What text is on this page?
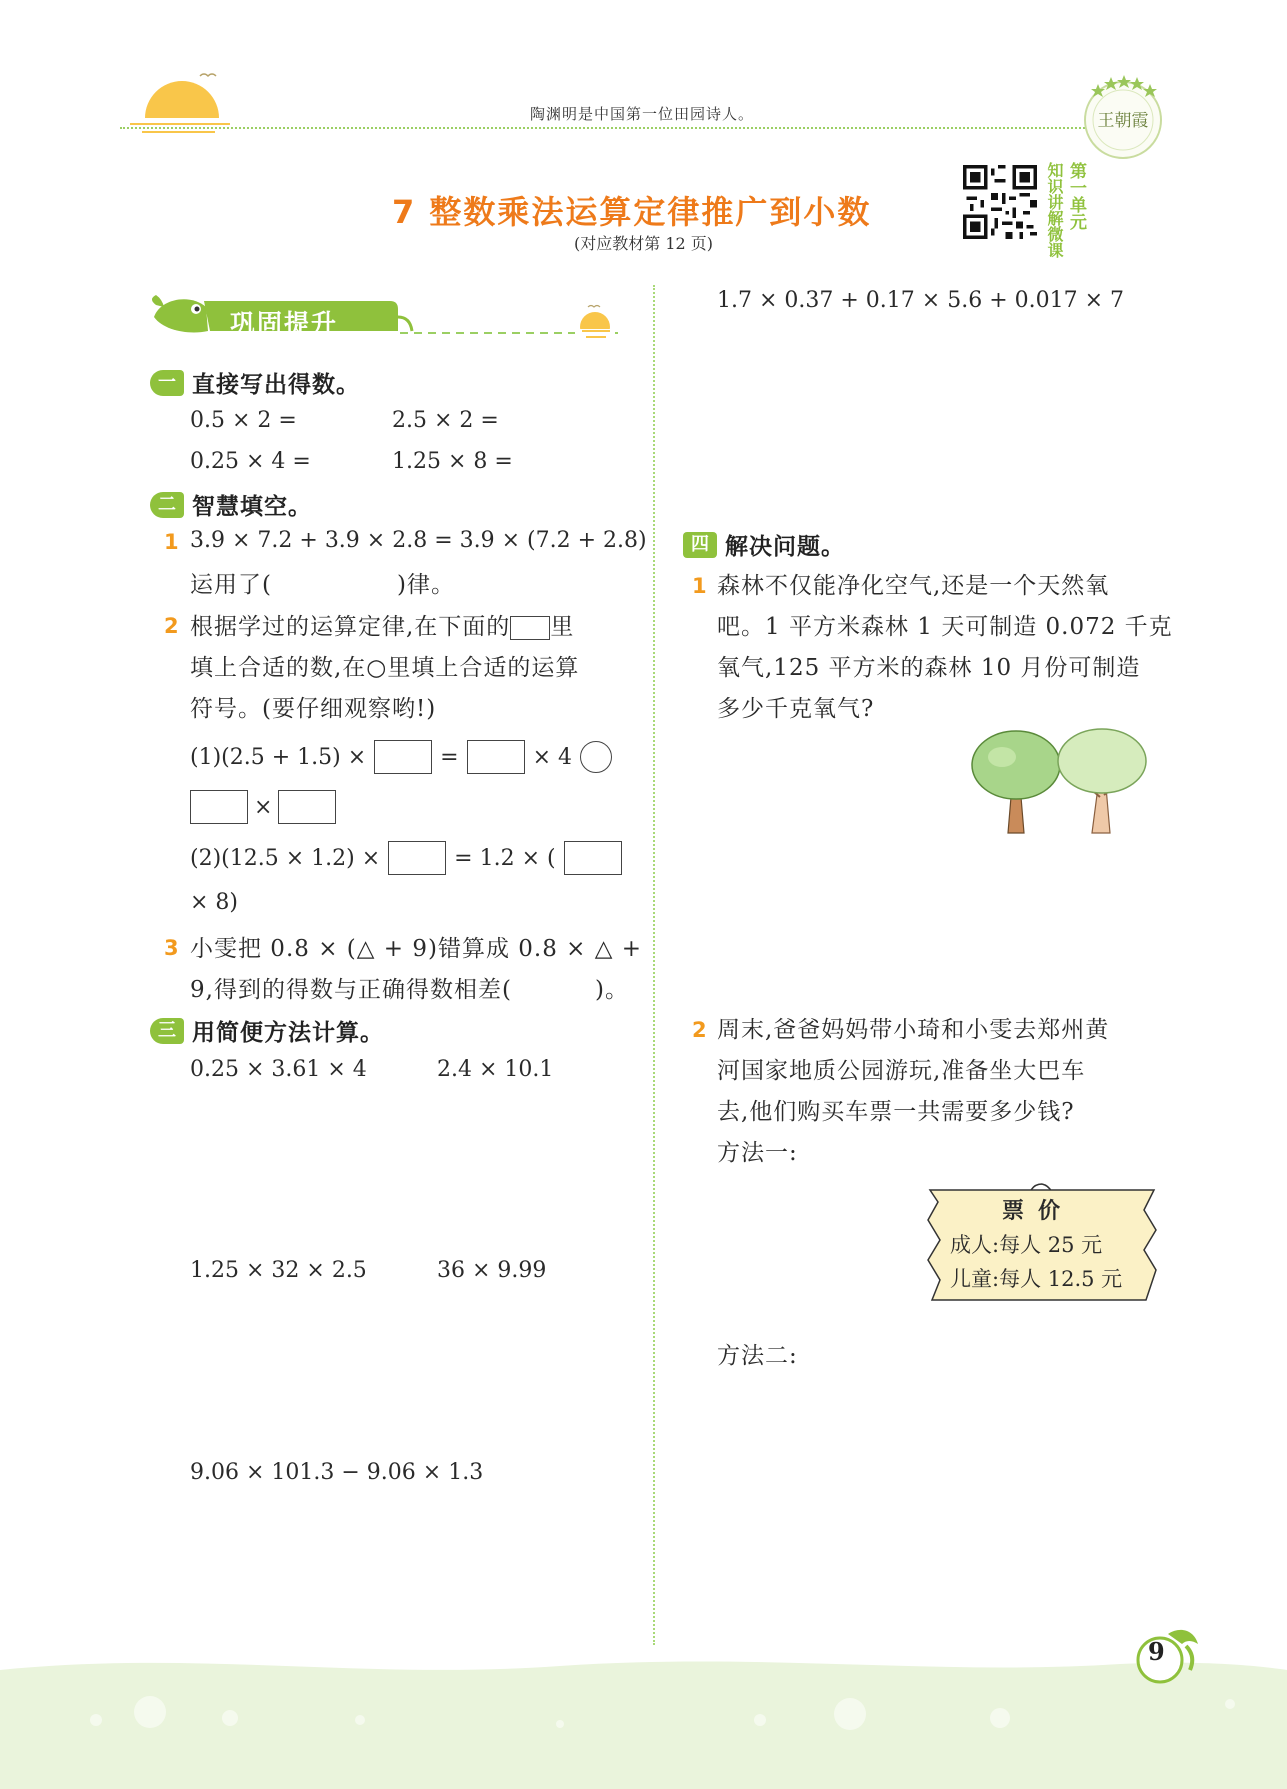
陶渊明是中国第一位田园诗人。	王朝霞
7 整数乘法运算定律推广到小数
(对应教材第 12 页)	知识讲解微课 第一单元
巩固提升
一 直接写出得数。
0.5 × 2 =	2.5 × 2 =
0.25 × 4 =	1.25 × 8 =
二 智慧填空。
1 3.9 × 7.2 + 3.9 × 2.8 = 3.9 × (7.2 + 2.8)
运用了(	)律。
2 根据学过的运算定律,在下面的 里
填上合适的数,在○里填上合适的运算
符号。(要仔细观察哟!)
(1)(2.5 + 1.5) ×	=	× 4
×
(2)(12.5 × 1.2) ×	= 1.2 × (
× 8)
3 小雯把 0.8 × (△ + 9)错算成 0.8 × △ +
9,得到的得数与正确得数相差(          )。
三 用简便方法计算。
0.25 × 3.61 × 4	2.4 × 10.1
1.25 × 32 × 2.5	36 × 9.99
9.06 × 101.3 − 9.06 × 1.3
1.7 × 0.37 + 0.17 × 5.6 + 0.017 × 7
四 解决问题。
1 森林不仅能净化空气,还是一个天然氧
吧。1 平方米森林 1 天可制造 0.072 千克
氧气,125 平方米的森林 10 月份可制造
多少千克氧气?
2 周末,爸爸妈妈带小琦和小雯去郑州黄
河国家地质公园游玩,准备坐大巴车
去,他们购买车票一共需要多少钱?
方法一:
方法二:
票价
成人:每人 25 元
儿童:每人 12.5 元
9
